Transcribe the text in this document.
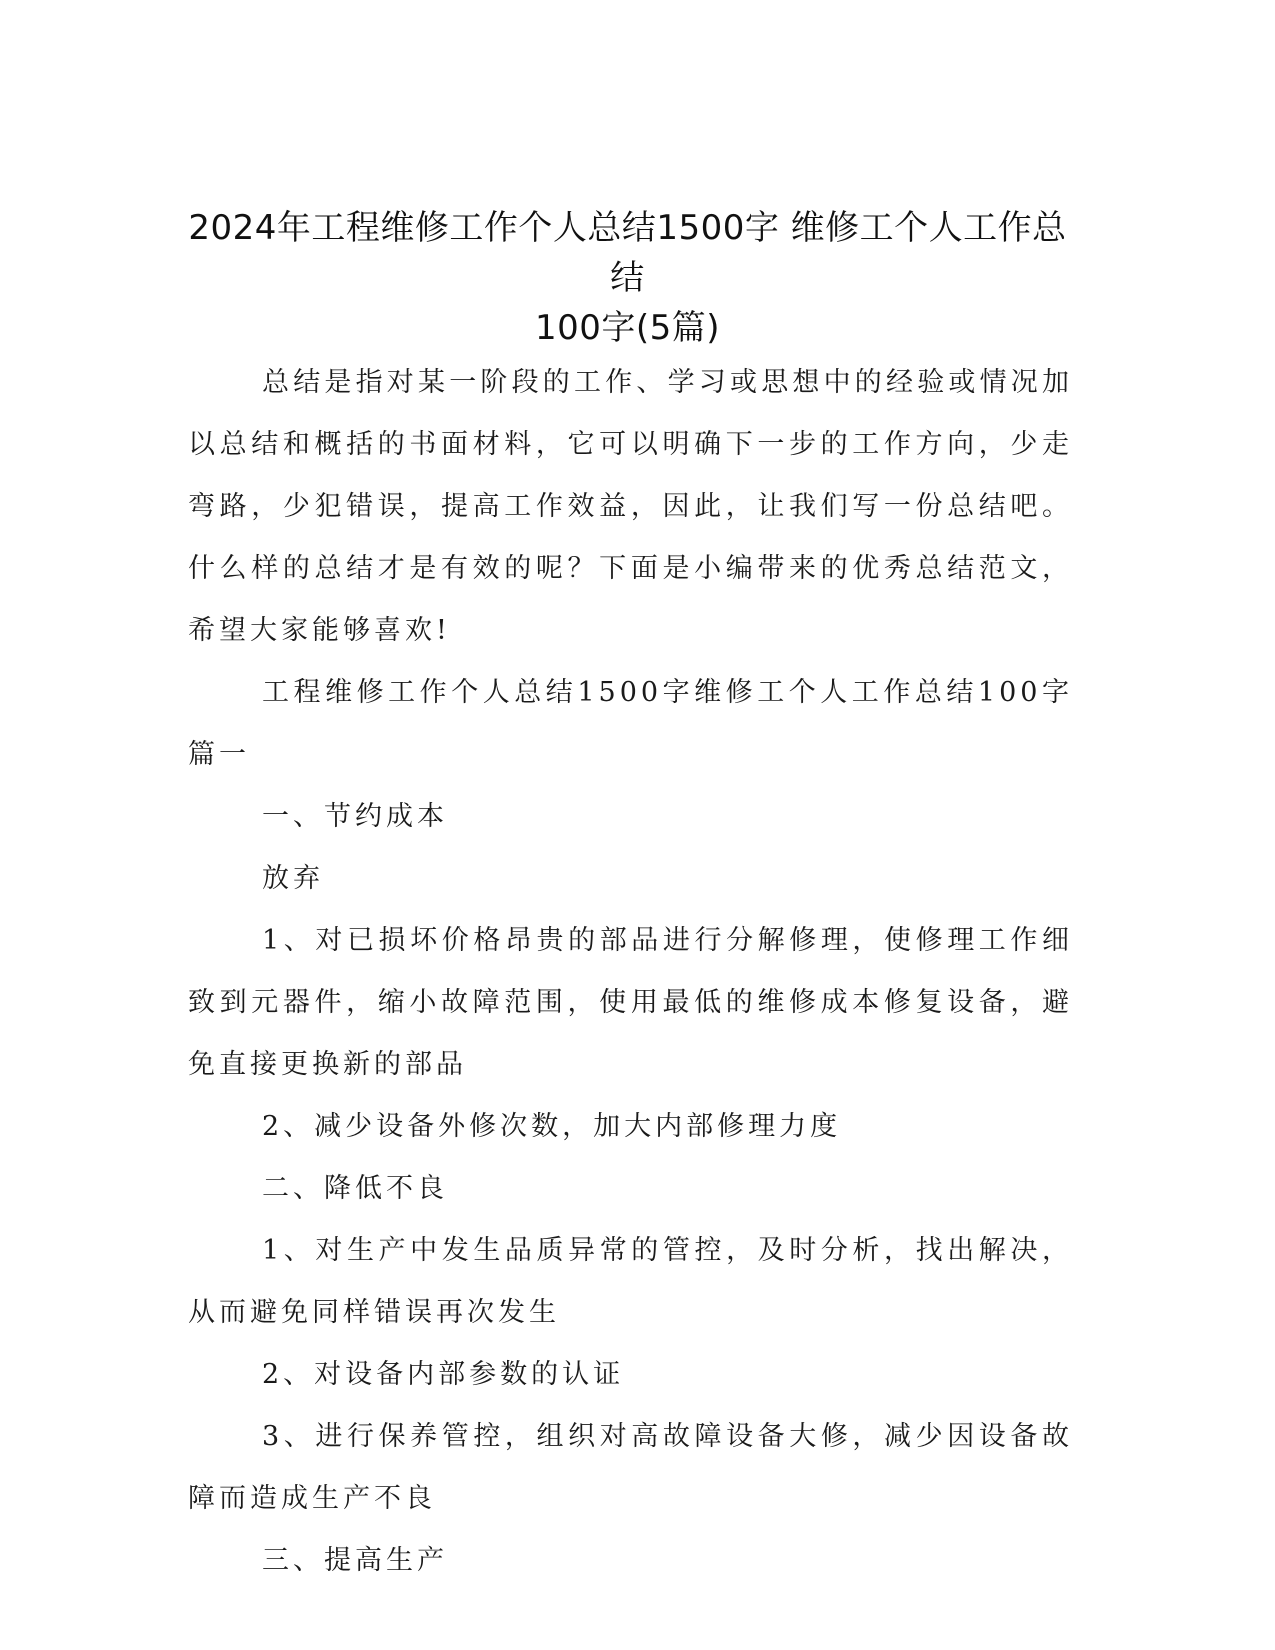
2024年工程维修工作个人总结1500字 维修工个人工作总结
100字(5篇)

总结是指对某一阶段的工作、学习或思想中的经验或情况加以总结和概括的书面材料，它可以明确下一步的工作方向，少走弯路，少犯错误，提高工作效益，因此，让我们写一份总结吧。什么样的总结才是有效的呢？下面是小编带来的优秀总结范文，希望大家能够喜欢!

工程维修工作个人总结1500字维修工个人工作总结100字篇一

一、节约成本

放弃

1、对已损坏价格昂贵的部品进行分解修理，使修理工作细致到元器件，缩小故障范围，使用最低的维修成本修复设备，避免直接更换新的部品

2、减少设备外修次数，加大内部修理力度

二、降低不良

1、对生产中发生品质异常的管控，及时分析，找出解决，从而避免同样错误再次发生

2、对设备内部参数的认证

3、进行保养管控，组织对高故障设备大修，减少因设备故障而造成生产不良

三、提高生产
